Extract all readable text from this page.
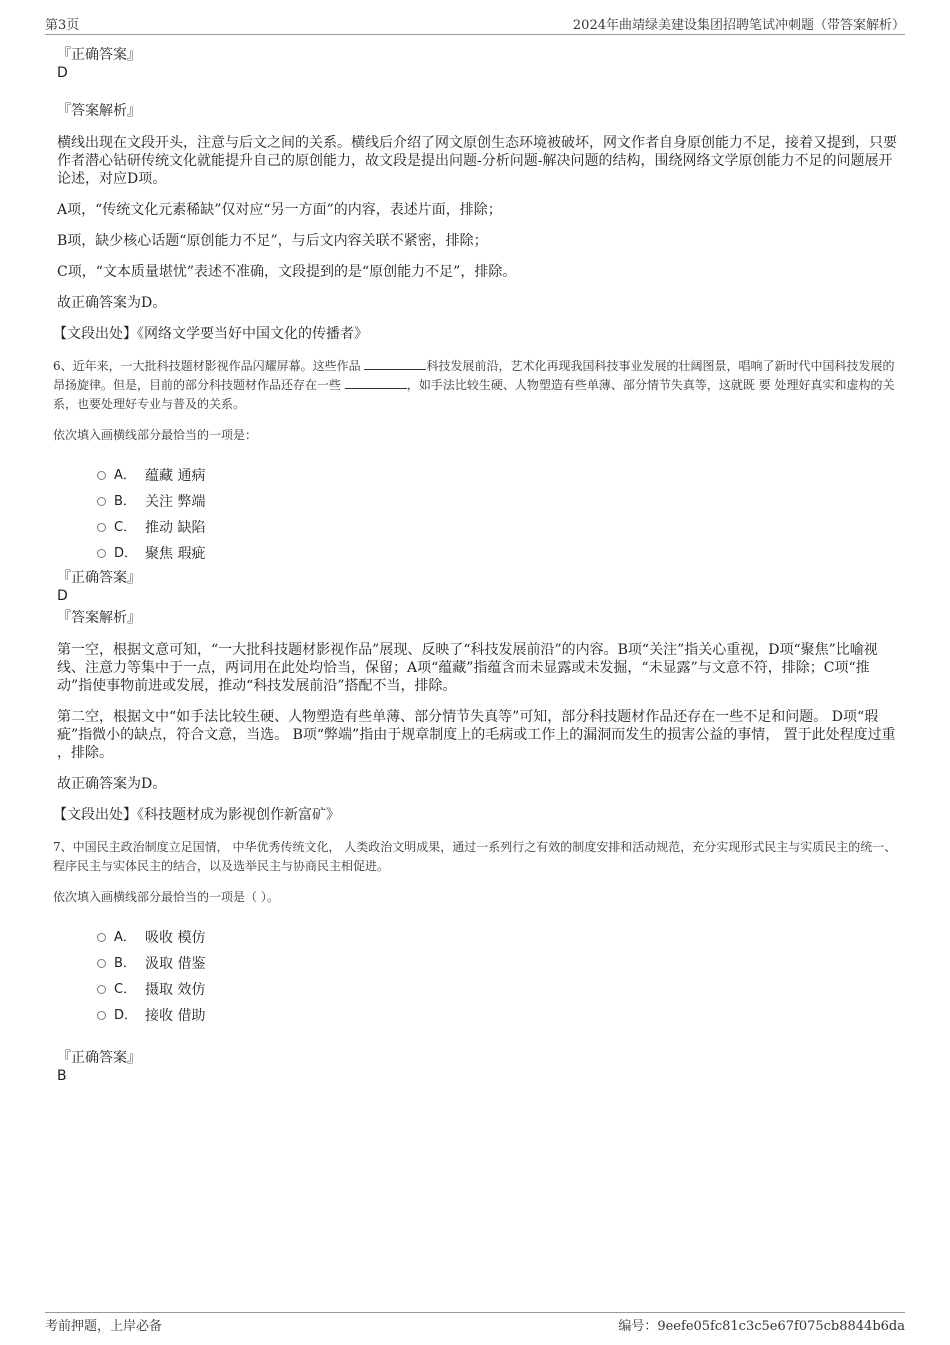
第3页	2024年曲靖绿美建设集团招聘笔试冲刺题（带答案解析）

『正确答案』

D

『答案解析』

横线出现在文段开头，注意与后文之间的关系。横线后介绍了网文原创生态环境被破坏，网文作者自身原创能力不足，接着又提到，只要作者潜心钻研传统文化就能提升自己的原创能力，故文段是提出问题-分析问题-解决问题的结构，围绕网络文学原创能力不足的问题展开论述，对应D项。

A项，“传统文化元素稀缺”仅对应“另一方面”的内容，表述片面，排除；

B项，缺少核心话题“原创能力不足”，与后文内容关联不紧密，排除；

C项，“文本质量堪忧”表述不准确，文段提到的是“原创能力不足”，排除。

故正确答案为D。

【文段出处】《网络文学要当好中国文化的传播者》

6、近年来，一大批科技题材影视作品闪耀屏幕。这些作品	科技发展前沿，艺术化再现我国科技事业发展的壮阔图景，唱响了新时代中国科技发展的昂扬旋律。但是，目前的部分科技题材作品还存在一些	，如手法比较生硬、人物塑造有些单薄、部分情节失真等，这就既 要 处理好真实和虚构的关系，也要处理好专业与普及的关系。

依次填入画横线部分最恰当的一项是：

A． 蕴藏 通病
B． 关注 弊端
C． 推动 缺陷
D． 聚焦 瑕疵

『正确答案』

D

『答案解析』

第一空，根据文意可知，“一大批科技题材影视作品”展现、反映了“科技发展前沿”的内容。B项“关注”指关心重视，D项“聚焦”比喻视线、注意力等集中于一点，两词用在此处均恰当，保留；A项“蕴藏”指蕴含而未显露或未发掘，“未显露”与文意不符，排除；C项“推动”指使事物前进或发展，推动“科技发展前沿”搭配不当，排除。

第二空，根据文中“如手法比较生硬、人物塑造有些单薄、部分情节失真等”可知，部分科技题材作品还存在一些不足和问题。 D项“瑕疵”指微小的缺点，符合文意，当选。 B项“弊端”指由于规章制度上的毛病或工作上的漏洞而发生的损害公益的事情， 置于此处程度过重 ，排除。

故正确答案为D。

【文段出处】《科技题材成为影视创作新富矿》

7、中国民主政治制度立足国情， 中华优秀传统文化， 人类政治文明成果，通过一系列行之有效的制度安排和活动规范，充分实现形式民主与实质民主的统一、程序民主与实体民主的结合，以及选举民主与协商民主相促进。

依次填入画横线部分最恰当的一项是（ ）。

A． 吸收 模仿
B． 汲取 借鉴
C． 摄取 效仿
D． 接收 借助

『正确答案』

B

考前押题，上岸必备	编号：9eefe05fc81c3c5e67f075cb8844b6da
